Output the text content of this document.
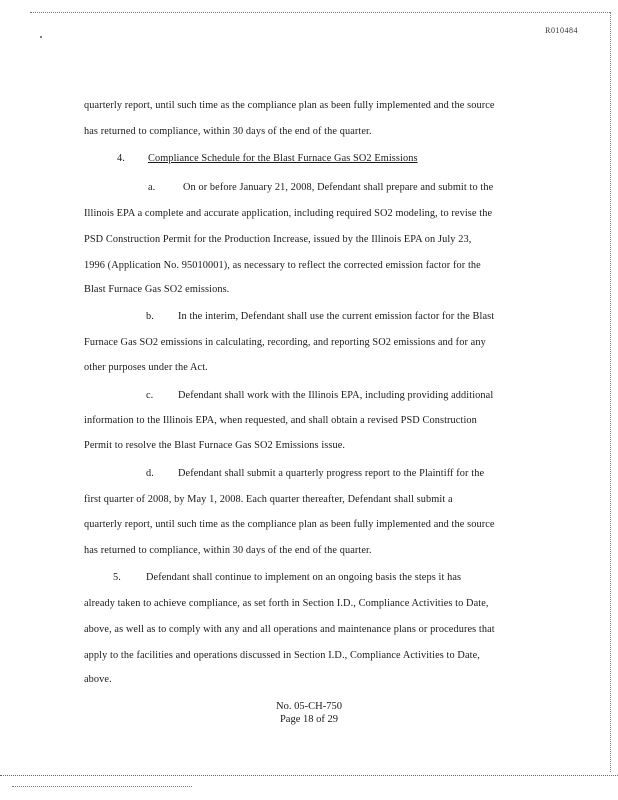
R010484
quarterly report, until such time as the compliance plan as been fully implemented and the source
has returned to compliance, within 30 days of the end of the quarter.
4. Compliance Schedule for the Blast Furnace Gas SO2 Emissions
a.	On or before January 21, 2008, Defendant shall prepare and submit to the
Illinois EPA a complete and accurate application, including required SO2 modeling, to revise the
PSD Construction Permit for the Production Increase, issued by the Illinois EPA on July 23,
1996 (Application No. 95010001), as necessary to reflect the corrected emission factor for the
Blast Furnace Gas SO2 emissions.
b. In the interim, Defendant shall use the current emission factor for the Blast
Furnace Gas SO2 emissions in calculating, recording, and reporting SO2 emissions and for any
other purposes under the Act.
c. Defendant shall work with the Illinois EPA, including providing additional
information to the Illinois EPA, when requested, and shall obtain a revised PSD Construction
Permit to resolve the Blast Furnace Gas SO2 Emissions issue.
d. Defendant shall submit a quarterly progress report to the Plaintiff for the
first quarter of 2008, by May 1, 2008. Each quarter thereafter, Defendant shall submit a
quarterly report, until such time as the compliance plan as been fully implemented and the source
has returned to compliance, within 30 days of the end of the quarter.
5. Defendant shall continue to implement on an ongoing basis the steps it has
already taken to achieve compliance, as set forth in Section I.D., Compliance Activities to Date,
above, as well as to comply with any and all operations and maintenance plans or procedures that
apply to the facilities and operations discussed in Section I.D., Compliance Activities to Date,
above.
No. 05-CH-750
Page 18 of 29
